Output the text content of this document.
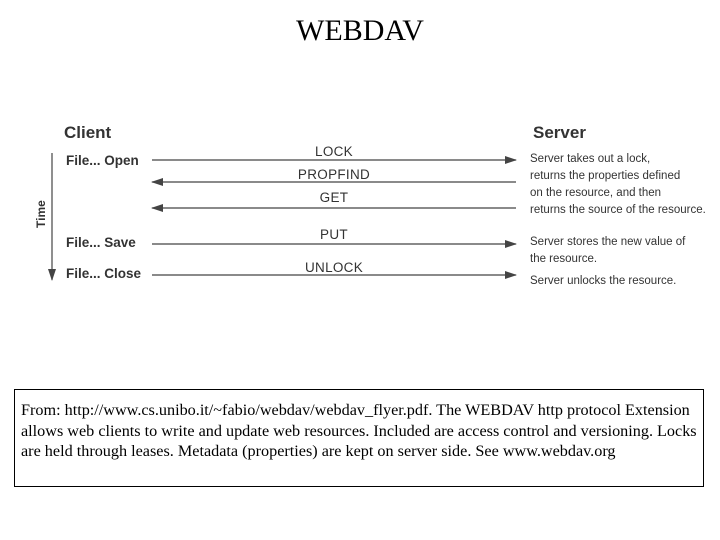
WEBDAV
Client	Server
Time
File... Open
File... Save
File... Close
LOCK
PROPFIND
GET
PUT
UNLOCK
Server takes out a lock,
returns the properties defined
on the resource, and then
returns the source of the resource.
Server stores the new value of
the resource.
Server unlocks the resource.
From: http://www.cs.unibo.it/~fabio/webdav/webdav_flyer.pdf. The WEBDAV http protocol Extension allows web clients to write and update web resources. Included are access control and versioning. Locks are held through leases. Metadata (properties) are kept on server side. See www.webdav.org
